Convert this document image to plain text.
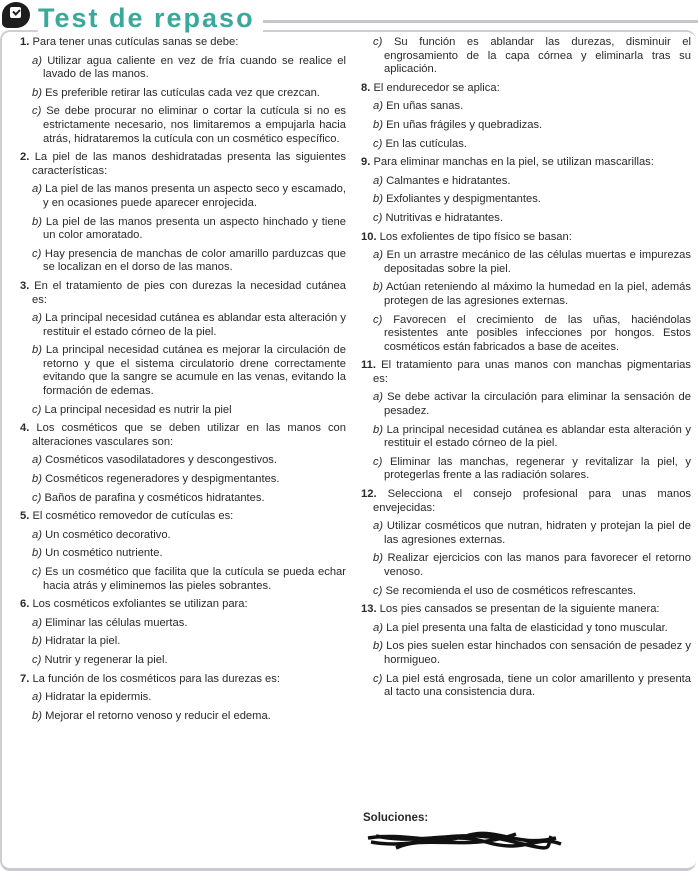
Test de repaso
1. Para tener unas cutículas sanas se debe:
a) Utilizar agua caliente en vez de fría cuando se realice el lavado de las manos.
b) Es preferible retirar las cutículas cada vez que crezcan.
c) Se debe procurar no eliminar o cortar la cutícula si no es estrictamente necesario, nos limitaremos a empujarla hacia atrás, hidrataremos la cutícula con un cosmético específico.
2. La piel de las manos deshidratadas presenta las siguientes características:
a) La piel de las manos presenta un aspecto seco y escamado, y en ocasiones puede aparecer enrojecida.
b) La piel de las manos presenta un aspecto hinchado y tiene un color amoratado.
c) Hay presencia de manchas de color amarillo parduzcas que se localizan en el dorso de las manos.
3. En el tratamiento de pies con durezas la necesidad cutánea es:
a) La principal necesidad cutánea es ablandar esta alteración y restituir el estado córneo de la piel.
b) La principal necesidad cutánea es mejorar la circulación de retorno y que el sistema circulatorio drene correctamente evitando que la sangre se acumule en las venas, evitando la formación de edemas.
c) La principal necesidad es nutrir la piel
4. Los cosméticos que se deben utilizar en las manos con alteraciones vasculares son:
a) Cosméticos vasodilatadores y descongestivos.
b) Cosméticos regeneradores y despigmentantes.
c) Baños de parafina y cosméticos hidratantes.
5. El cosmético removedor de cutículas es:
a) Un cosmético decorativo.
b) Un cosmético nutriente.
c) Es un cosmético que facilita que la cutícula se pueda echar hacia atrás y eliminemos las pieles sobrantes.
6. Los cosméticos exfoliantes se utilizan para:
a) Eliminar las células muertas.
b) Hidratar la piel.
c) Nutrir y regenerar la piel.
7. La función de los cosméticos para las durezas es:
a) Hidratar la epidermis.
b) Mejorar el retorno venoso y reducir el edema.
c) Su función es ablandar las durezas, disminuir el engrosamiento de la capa córnea y eliminarla tras su aplicación.
8. El endurecedor se aplica:
a) En uñas sanas.
b) En uñas frágiles y quebradizas.
c) En las cutículas.
9. Para eliminar manchas en la piel, se utilizan mascarillas:
a) Calmantes e hidratantes.
b) Exfoliantes y despigmentantes.
c) Nutritivas e hidratantes.
10. Los exfolientes de tipo físico se basan:
a) En un arrastre mecánico de las células muertas e impurezas depositadas sobre la piel.
b) Actúan reteniendo al máximo la humedad en la piel, además protegen de las agresiones externas.
c) Favorecen el crecimiento de las uñas, haciéndolas resistentes ante posibles infecciones por hongos. Estos cosméticos están fabricados a base de aceites.
11. El tratamiento para unas manos con manchas pigmentarias es:
a) Se debe activar la circulación para eliminar la sensación de pesadez.
b) La principal necesidad cutánea es ablandar esta alteración y restituir el estado córneo de la piel.
c) Eliminar las manchas, regenerar y revitalizar la piel, y protegerlas frente a las radiación solares.
12. Selecciona el consejo profesional para unas manos envejecidas:
a) Utilizar cosméticos que nutran, hidraten y protejan la piel de las agresiones externas.
b) Realizar ejercicios con las manos para favorecer el retorno venoso.
c) Se recomienda el uso de cosméticos refrescantes.
13. Los pies cansados se presentan de la siguiente manera:
a) La piel presenta una falta de elasticidad y tono muscular.
b) Los pies suelen estar hinchados con sensación de pesadez y hormigueo.
c) La piel está engrosada, tiene un color amarillento y presenta al tacto una consistencia dura.
Soluciones:
